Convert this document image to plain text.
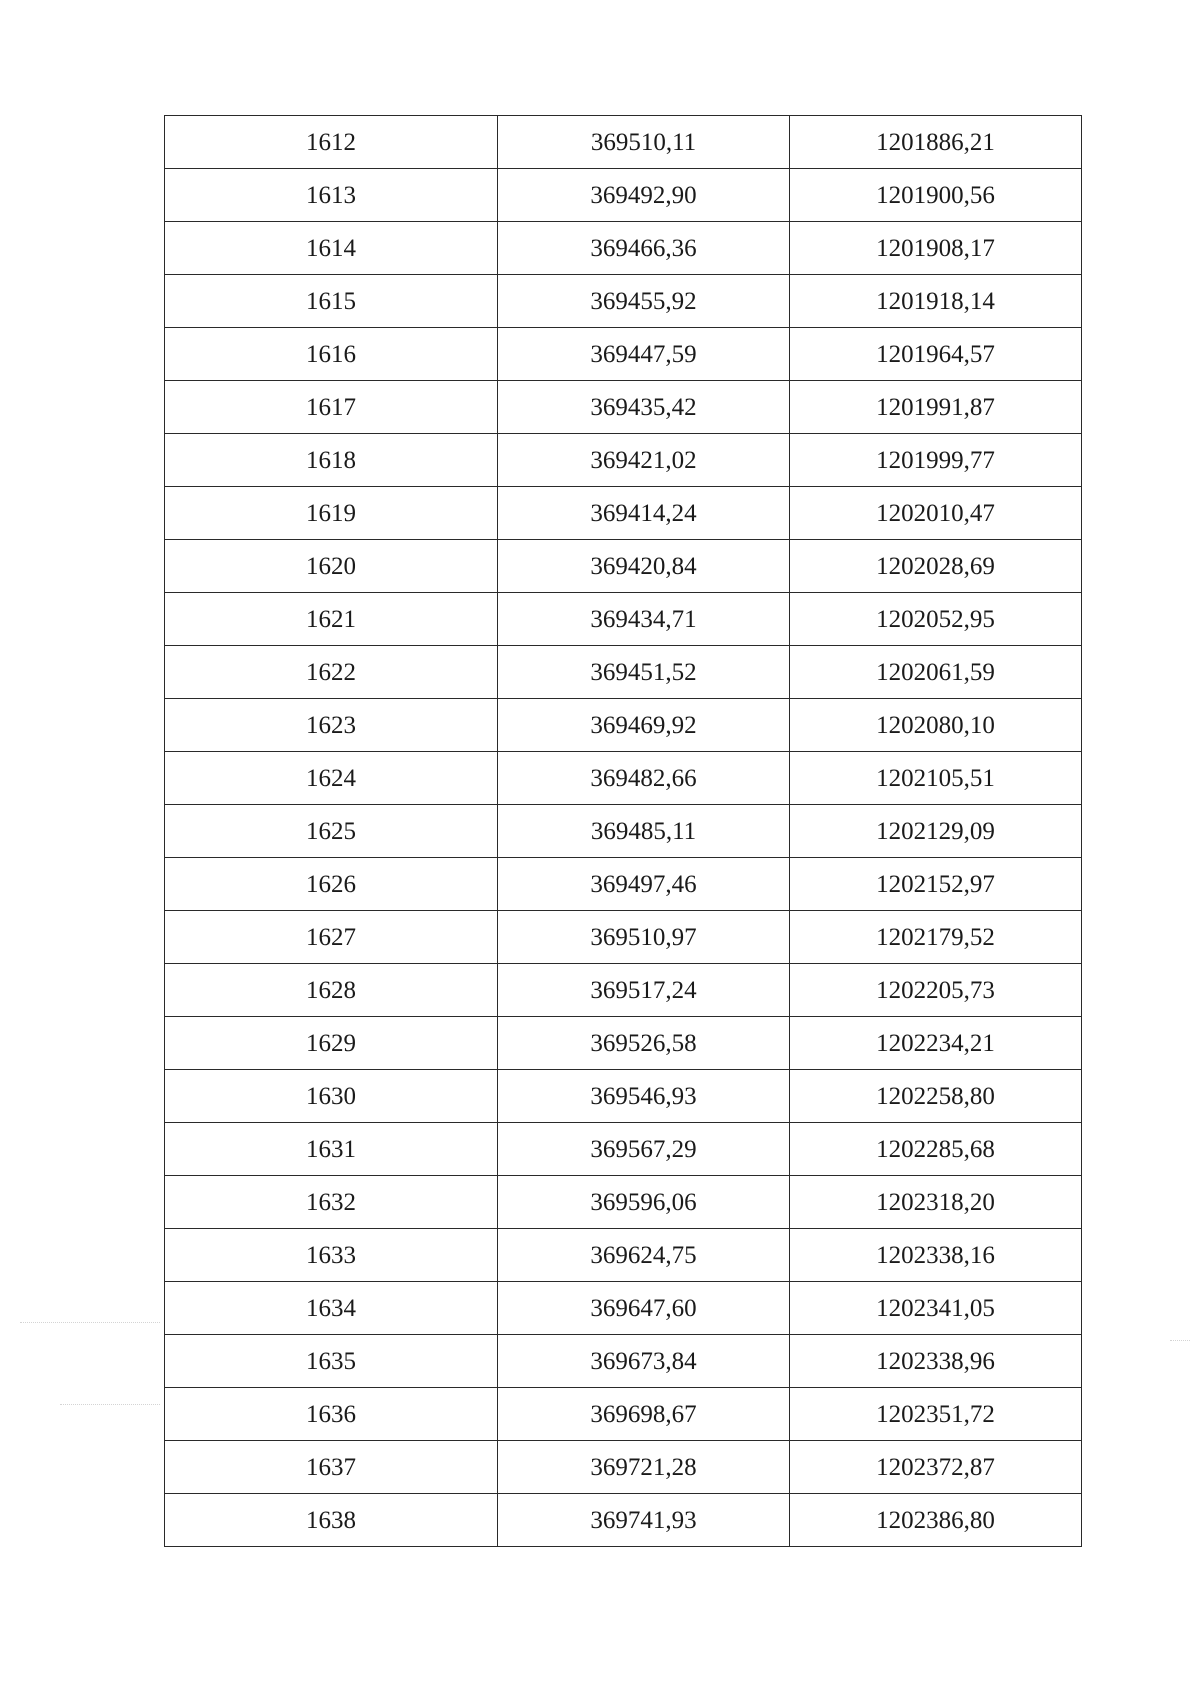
1612	369510,11	1201886,21
1613	369492,90	1201900,56
1614	369466,36	1201908,17
1615	369455,92	1201918,14
1616	369447,59	1201964,57
1617	369435,42	1201991,87
1618	369421,02	1201999,77
1619	369414,24	1202010,47
1620	369420,84	1202028,69
1621	369434,71	1202052,95
1622	369451,52	1202061,59
1623	369469,92	1202080,10
1624	369482,66	1202105,51
1625	369485,11	1202129,09
1626	369497,46	1202152,97
1627	369510,97	1202179,52
1628	369517,24	1202205,73
1629	369526,58	1202234,21
1630	369546,93	1202258,80
1631	369567,29	1202285,68
1632	369596,06	1202318,20
1633	369624,75	1202338,16
1634	369647,60	1202341,05
1635	369673,84	1202338,96
1636	369698,67	1202351,72
1637	369721,28	1202372,87
1638	369741,93	1202386,80
